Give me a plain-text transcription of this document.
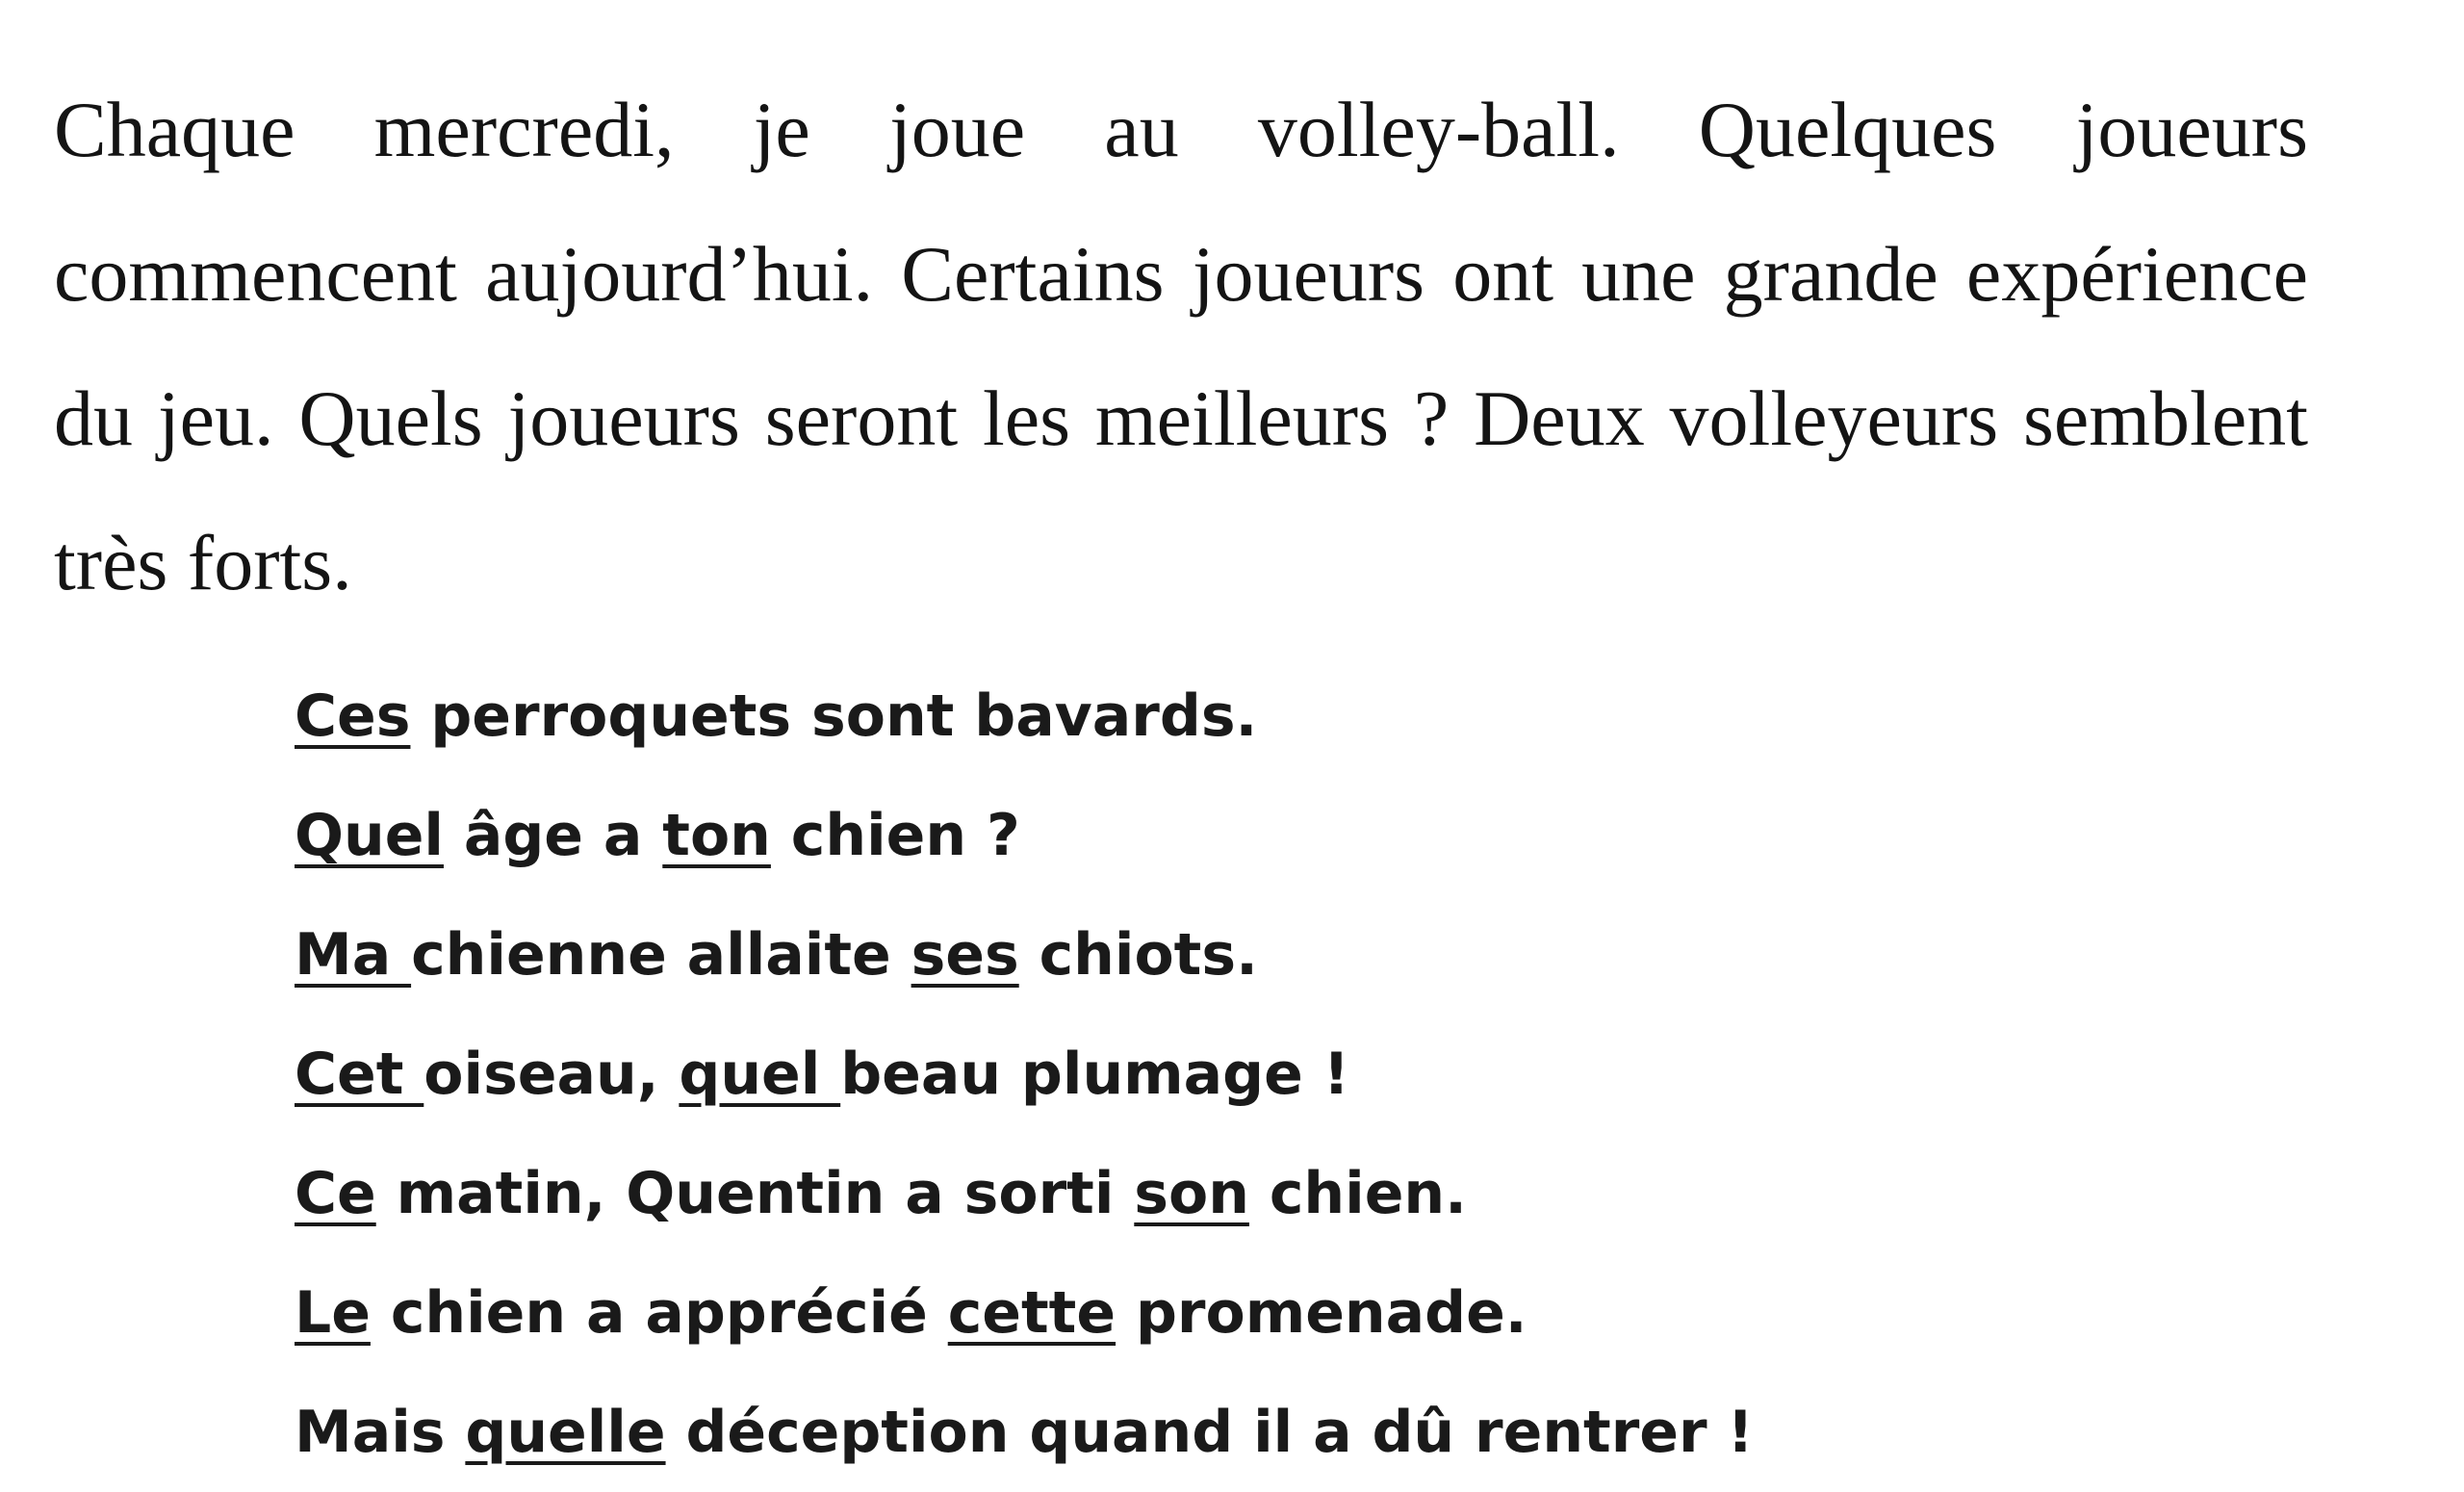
Chaque mercredi, je joue au volley-ball. Quelques joueurs commencent aujourd’hui. Certains joueurs ont une grande expérience du jeu. Quels joueurs seront les meilleurs ? Deux volleyeurs semblent très forts.

Ces perroquets sont bavards.
Quel âge a ton chien ?
Ma chienne allaite ses chiots.
Cet oiseau, quel beau plumage !
Ce matin, Quentin a sorti son chien.
Le chien a apprécié cette promenade.
Mais quelle déception quand il a dû rentrer !
